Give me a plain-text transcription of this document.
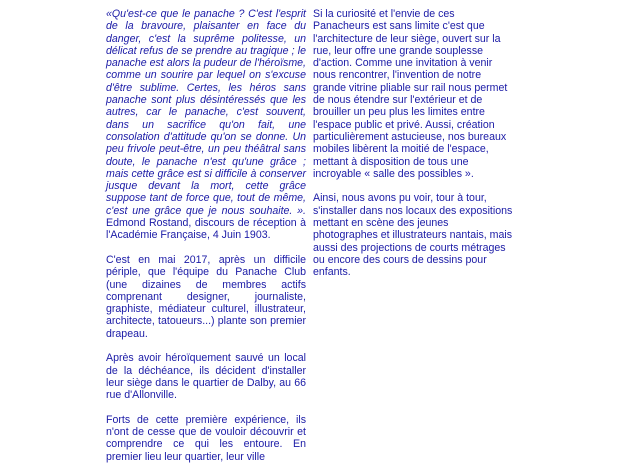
«Qu'est-ce que le panache ? C'est l'esprit de la bravoure, plaisanter en face du danger, c'est la suprême politesse, un délicat refus de se prendre au tragique ; le panache est alors la pudeur de l'héroïsme, comme un sourire par lequel on s'excuse d'être sublime. Certes, les héros sans panache sont plus désintéressés que les autres, car le panache, c'est souvent, dans un sacrifice qu'on fait, une consolation d'attitude qu'on se donne. Un peu frivole peut-être, un peu théâtral sans doute, le panache n'est qu'une grâce ; mais cette grâce est si difficile à conserver jusque devant la mort, cette grâce suppose tant de force que, tout de même, c'est une grâce que je nous souhaite. ». Edmond Rostand, discours de réception à l'Académie Française, 4 Juin 1903.

C'est en mai 2017, après un difficile périple, que l'équipe du Panache Club (une dizaines de membres actifs comprenant designer, journaliste, graphiste, médiateur culturel, illustrateur, architecte, tatoueurs...) plante son premier drapeau.

Après avoir héroïquement sauvé un local de la déchéance, ils décident d'installer leur siège dans le quartier de Dalby, au 66 rue d'Allonville.

Forts de cette première expérience, ils n'ont de cesse que de vouloir découvrir et comprendre ce qui les entoure. En premier lieu leur quartier, leur ville

Si la curiosité et l'envie de ces Panacheurs est sans limite c'est que l'architecture de leur siège, ouvert sur la rue, leur offre une grande souplesse d'action. Comme une invitation à venir nous rencontrer, l'invention de notre grande vitrine pliable sur rail nous permet de nous étendre sur l'extérieur et de brouiller un peu plus les limites entre l'espace public et privé. Aussi, création particulièrement astucieuse, nos bureaux mobiles libèrent la moitié de l'espace, mettant à disposition de tous une incroyable « salle des possibles ».

Ainsi, nous avons pu voir, tour à tour, s'installer dans nos locaux des expositions mettant en scène des jeunes photographes et illustrateurs nantais, mais aussi des projections de courts métrages ou encore des cours de dessins pour enfants.
